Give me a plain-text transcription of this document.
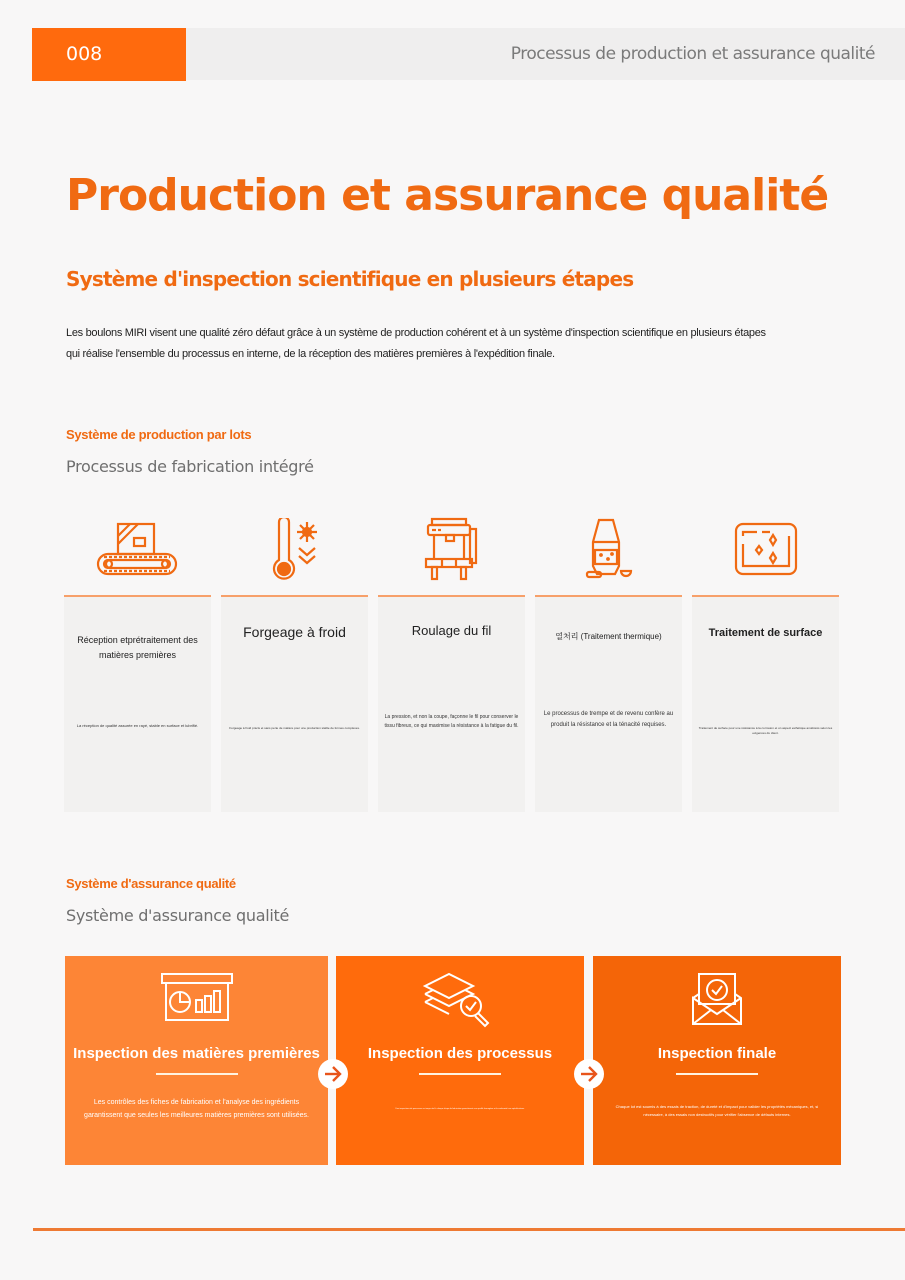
008	Processus de production et assurance qualité
Production et assurance qualité
Système d'inspection scientifique en plusieurs étapes
Les boulons MIRI visent une qualité zéro défaut grâce à un système de production cohérent et à un système d'inspection scientifique en plusieurs étapes
qui réalise l'ensemble du processus en interne, de la réception des matières premières à l'expédition finale.
Système de production par lots
Processus de fabrication intégré
Réception etprétraitement des matières premières
La réception de qualité assurée en rayé, stable en surface et lubrifié.
Forgeage à froid
Forgeage à froid précis et sans perte de matière pour une production stable de formes complexes.
Roulage du fil
La pression, et non la coupe, façonne le fil pour conserver le tissu fibreux, ce qui maximise la résistance à la fatigue du fil.
열처리 (Traitement thermique)
Le processus de trempe et de revenu confère au produit la résistance et la ténacité requises.
Traitement de surface
Traitement de surface pour une résistance à la corrosion et un aspect esthétique améliorés selon les exigences du client.
Système d'assurance qualité
Système d'assurance qualité
Inspection des matières premières
Les contrôles des fiches de fabrication et l'analyse des ingrédients garantissent que seules les meilleures matières premières sont utilisées.
Inspection des processus
Des inspections de processus en temps réel à chaque étape de fabrication garantissent une qualité homogène et la conformité aux spécifications.
Inspection finale
Chaque lot est soumis à des essais de traction, de dureté et d'impact pour valider les propriétés mécaniques, et, si nécessaire, à des essais non destructifs pour vérifier l'absence de défauts internes.
